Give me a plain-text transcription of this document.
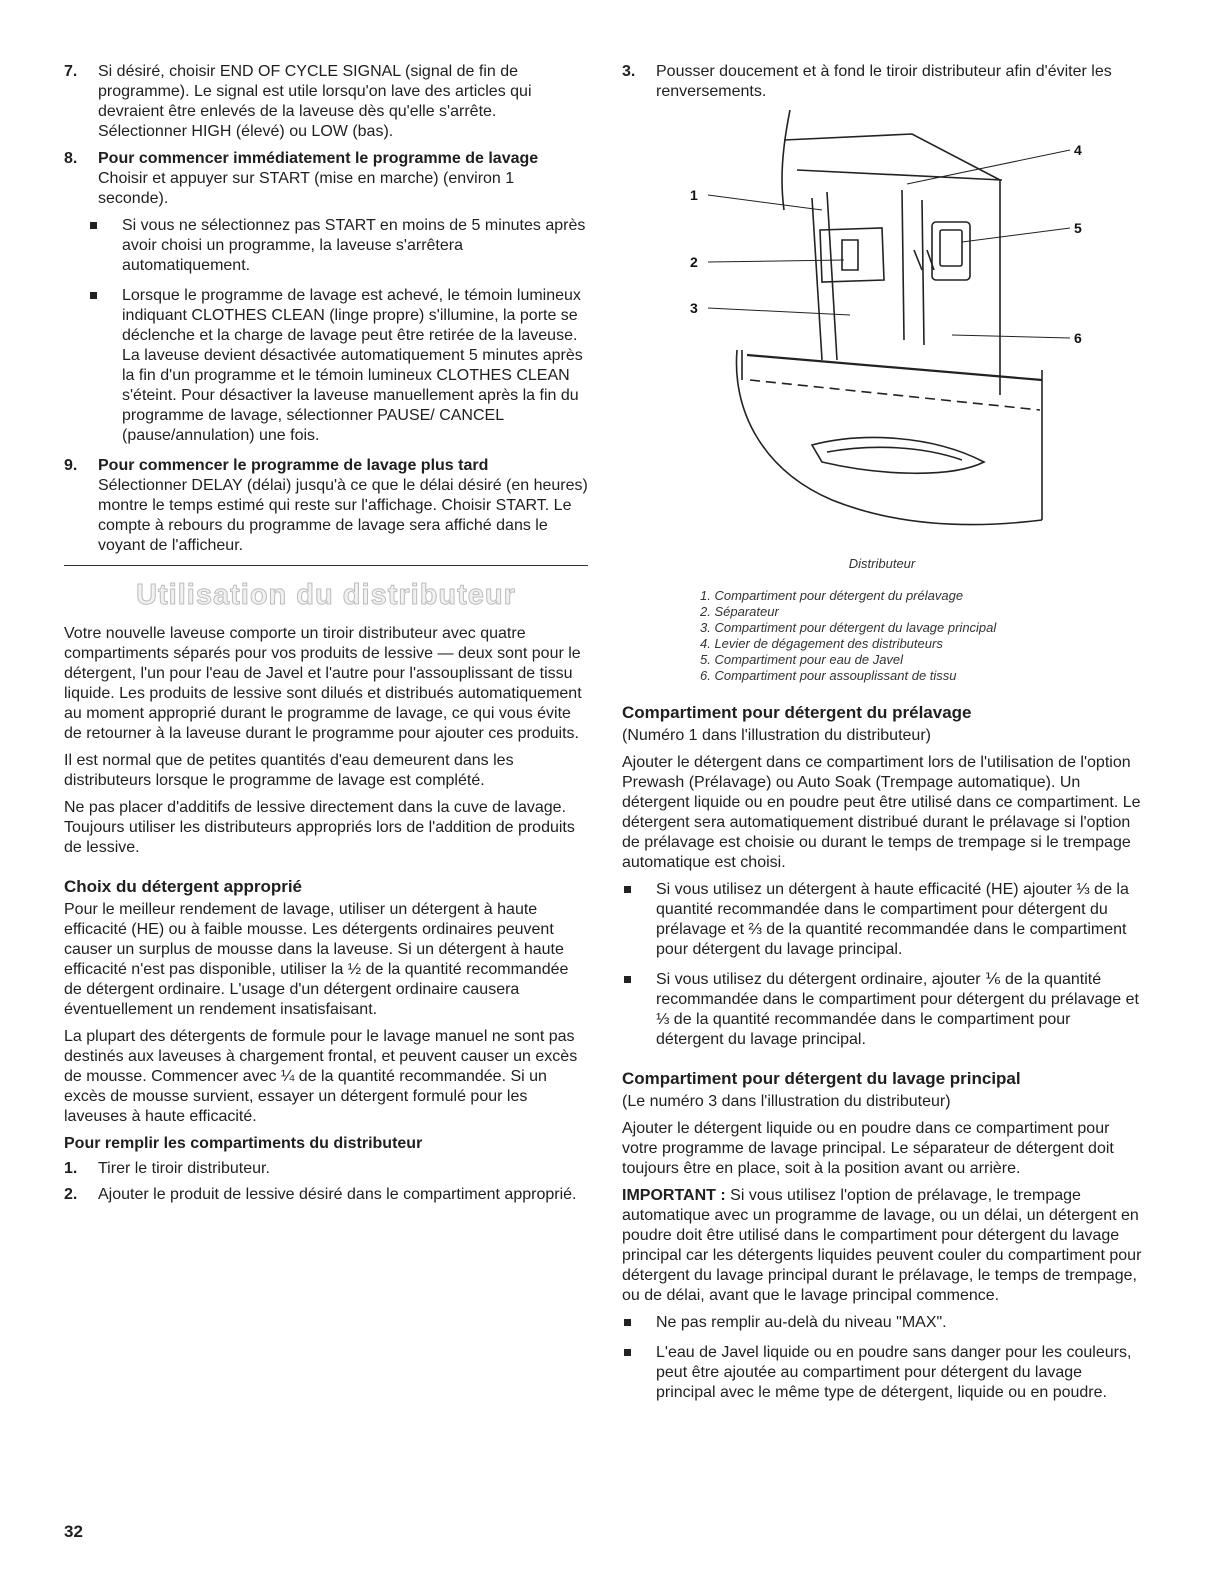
7. Si désiré, choisir END OF CYCLE SIGNAL (signal de fin de programme). Le signal est utile lorsqu'on lave des articles qui devraient être enlevés de la laveuse dès qu'elle s'arrête. Sélectionner HIGH (élevé) ou LOW (bas).

8. Pour commencer immédiatement le programme de lavage

Choisir et appuyer sur START (mise en marche) (environ 1 seconde).

Si vous ne sélectionnez pas START en moins de 5 minutes après avoir choisi un programme, la laveuse s'arrêtera automatiquement.
Lorsque le programme de lavage est achevé, le témoin lumineux indiquant CLOTHES CLEAN (linge propre) s'illumine, la porte se déclenche et la charge de lavage peut être retirée de la laveuse. La laveuse devient désactivée automatiquement 5 minutes après la fin d'un programme et le témoin lumineux CLOTHES CLEAN s'éteint. Pour désactiver la laveuse manuellement après la fin du programme de lavage, sélectionner PAUSE/ CANCEL (pause/annulation) une fois.
9. Pour commencer le programme de lavage plus tard

Sélectionner DELAY (délai) jusqu'à ce que le délai désiré (en heures) montre le temps estimé qui reste sur l'affichage. Choisir START. Le compte à rebours du programme de lavage sera affiché dans le voyant de l'afficheur.

Utilisation du distributeur

Votre nouvelle laveuse comporte un tiroir distributeur avec quatre compartiments séparés pour vos produits de lessive — deux sont pour le détergent, l'un pour l'eau de Javel et l'autre pour l'assouplissant de tissu liquide. Les produits de lessive sont dilués et distribués automatiquement au moment approprié durant le programme de lavage, ce qui vous évite de retourner à la laveuse durant le programme pour ajouter ces produits.

Il est normal que de petites quantités d'eau demeurent dans les distributeurs lorsque le programme de lavage est complété.

Ne pas placer d'additifs de lessive directement dans la cuve de lavage. Toujours utiliser les distributeurs appropriés lors de l'addition de produits de lessive.

Choix du détergent approprié

Pour le meilleur rendement de lavage, utiliser un détergent à haute efficacité (HE) ou à faible mousse. Les détergents ordinaires peuvent causer un surplus de mousse dans la laveuse. Si un détergent à haute efficacité n'est pas disponible, utiliser la ½ de la quantité recommandée de détergent ordinaire. L'usage d'un détergent ordinaire causera éventuellement un rendement insatisfaisant.

La plupart des détergents de formule pour le lavage manuel ne sont pas destinés aux laveuses à chargement frontal, et peuvent causer un excès de mousse. Commencer avec ¼ de la quantité recommandée. Si un excès de mousse survient, essayer un détergent formulé pour les laveuses à haute efficacité.

Pour remplir les compartiments du distributeur
1. Tirer le tiroir distributeur.
2. Ajouter le produit de lessive désiré dans le compartiment approprié.
3. Pousser doucement et à fond le tiroir distributeur afin d'éviter les renversements.
1
2
3
4
5
6
Distributeur
1. Compartiment pour détergent du prélavage
2. Séparateur
3. Compartiment pour détergent du lavage principal
4. Levier de dégagement des distributeurs
5. Compartiment pour eau de Javel
6. Compartiment pour assouplissant de tissu
Compartiment pour détergent du prélavage

(Numéro 1 dans l'illustration du distributeur)

Ajouter le détergent dans ce compartiment lors de l'utilisation de l'option Prewash (Prélavage) ou Auto Soak (Trempage automatique). Un détergent liquide ou en poudre peut être utilisé dans ce compartiment. Le détergent sera automatiquement distribué durant le prélavage si l'option de prélavage est choisie ou durant le temps de trempage si le trempage automatique est choisi.

Si vous utilisez un détergent à haute efficacité (HE) ajouter ⅓ de la quantité recommandée dans le compartiment pour détergent du prélavage et ⅔ de la quantité recommandée dans le compartiment pour détergent du lavage principal.
Si vous utilisez du détergent ordinaire, ajouter ⅙ de la quantité recommandée dans le compartiment pour détergent du prélavage et ⅓ de la quantité recommandée dans le compartiment pour détergent du lavage principal.
Compartiment pour détergent du lavage principal

(Le numéro 3 dans l'illustration du distributeur)

Ajouter le détergent liquide ou en poudre dans ce compartiment pour votre programme de lavage principal. Le séparateur de détergent doit toujours être en place, soit à la position avant ou arrière.

IMPORTANT : Si vous utilisez l'option de prélavage, le trempage automatique avec un programme de lavage, ou un délai, un détergent en poudre doit être utilisé dans le compartiment pour détergent du lavage principal car les détergents liquides peuvent couler du compartiment pour détergent du lavage principal durant le prélavage, le temps de trempage, ou de délai, avant que le lavage principal commence.

Ne pas remplir au-delà du niveau "MAX".
L'eau de Javel liquide ou en poudre sans danger pour les couleurs, peut être ajoutée au compartiment pour détergent du lavage principal avec le même type de détergent, liquide ou en poudre.
32
